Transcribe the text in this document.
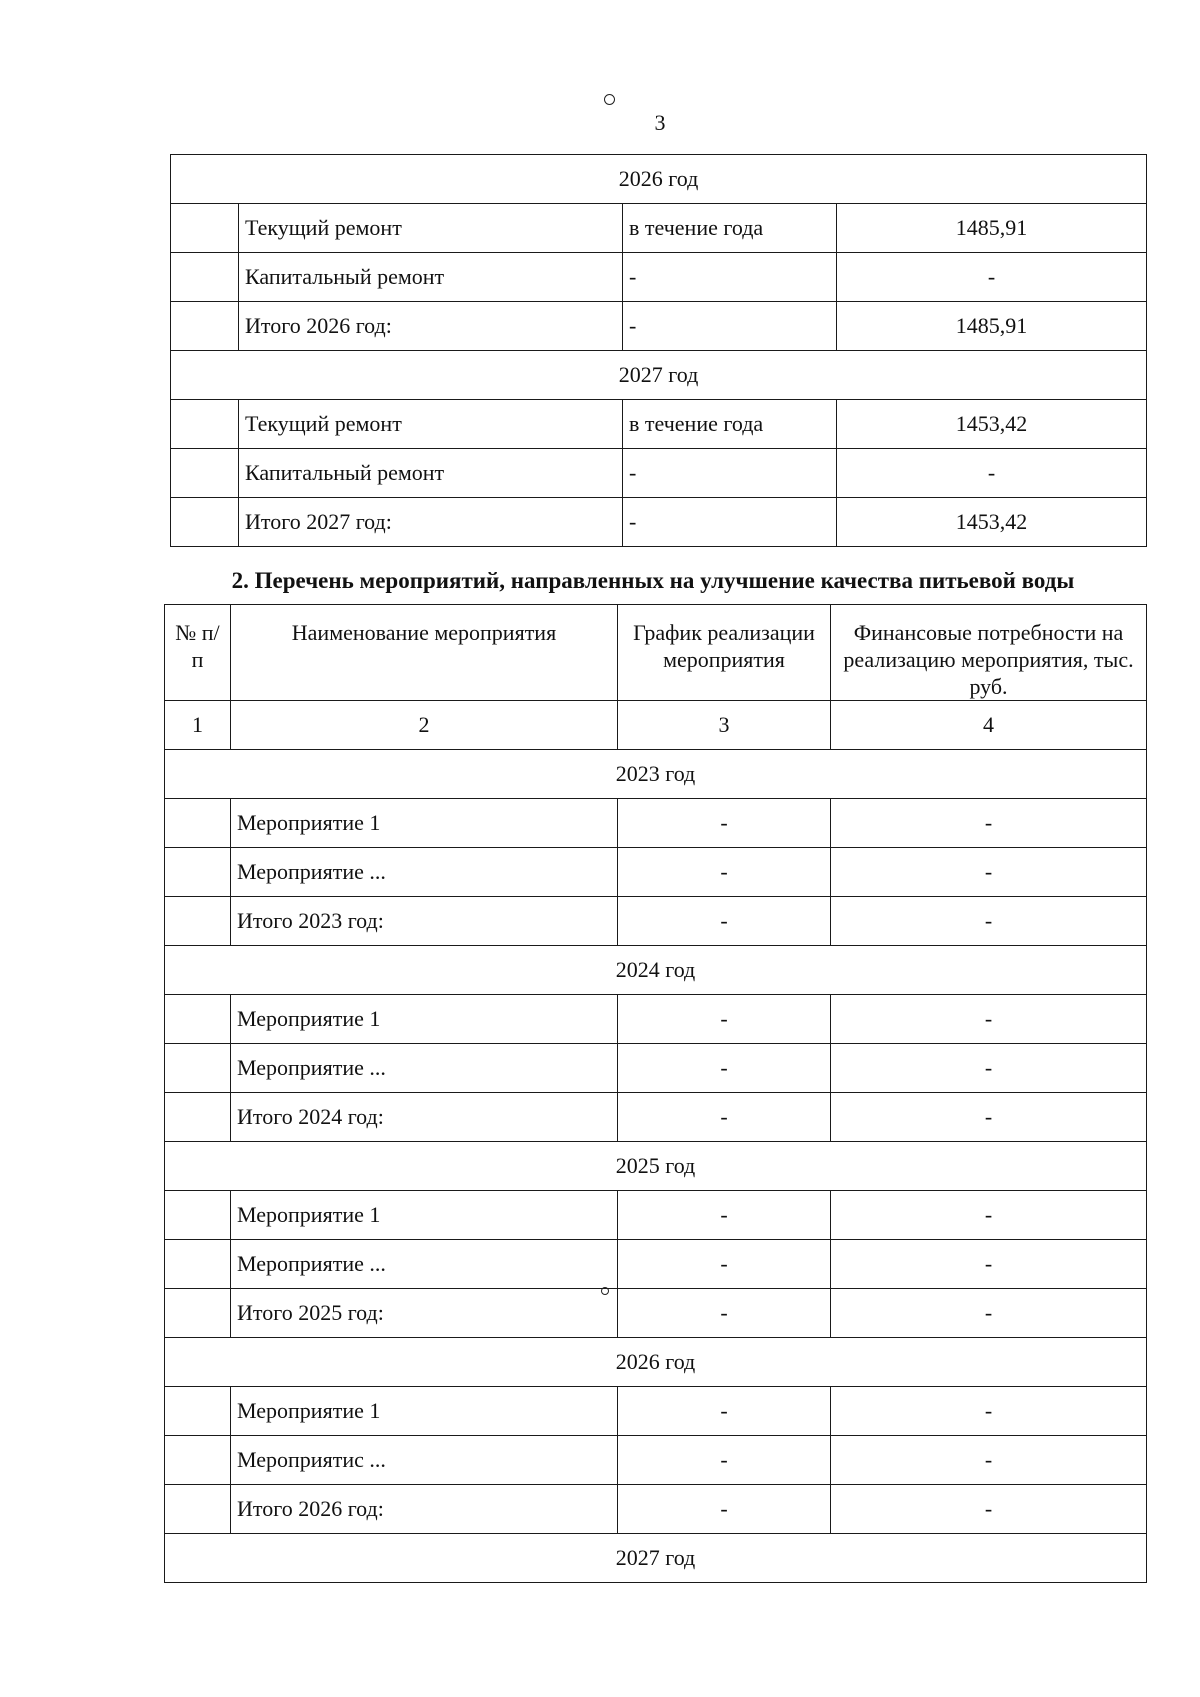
3
2026 год			
	Текущий ремонт	в течение года	1485,91
	Капитальный ремонт	-	-
	Итого 2026 год:	-	1485,91
2027 год			
	Текущий ремонт	в течение года	1453,42
	Капитальный ремонт	-	-
	Итого 2027 год:	-	1453,42
2. Перечень мероприятий, направленных на улучшение качества питьевой воды
№ п/п	Наименование мероприятия	График реализации мероприятия	Финансовые потребности на реализацию мероприятия, тыс. руб.
1	2	3	4
2023 год			
	Мероприятие 1	-	-
	Мероприятие ...	-	-
	Итого 2023 год:	-	-
2024 год			
	Мероприятие 1	-	-
	Мероприятие ...	-	-
	Итого 2024 год:	-	-
2025 год			
	Мероприятие 1	-	-
	Мероприятие ...	-	-
	Итого 2025 год:	-	-
2026 год			
	Мероприятие 1	-	-
	Мероприятис ...	-	-
	Итого 2026 год:	-	-
2027 год			
